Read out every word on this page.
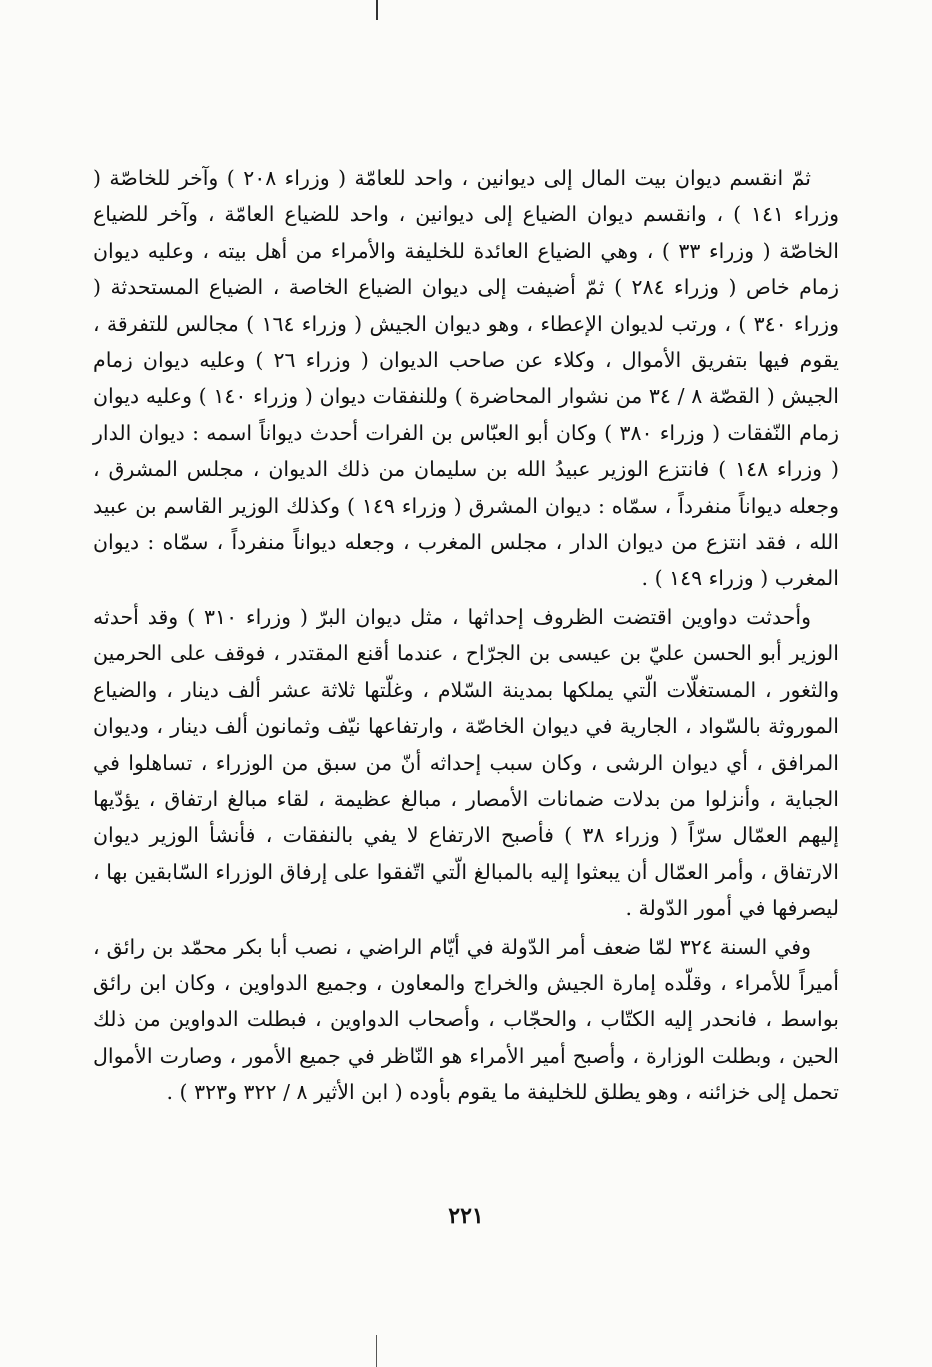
ثمّ انقسم ديوان بيت المال إلى ديوانين ، واحد للعامّة ( وزراء ٢٠٨ ) وآخر للخاصّة ( وزراء ١٤١ ) ، وانقسم ديوان الضياع إلى ديوانين ، واحد للضياع العامّة ، وآخر للضياع الخاصّة ( وزراء ٣٣ ) ، وهي الضياع العائدة للخليفة والأمراء من أهل بيته ، وعليه ديوان زمام خاص ( وزراء ٢٨٤ ) ثمّ أضيفت إلى ديوان الضياع الخاصة ، الضياع المستحدثة ( وزراء ٣٤٠ ) ، ورتب لديوان الإعطاء ، وهو ديوان الجيش ( وزراء ١٦٤ ) مجالس للتفرقة ، يقوم فيها بتفريق الأموال ، وكلاء عن صاحب الديوان ( وزراء ٢٦ ) وعليه ديوان زمام الجيش ( القصّة ٨ / ٣٤ من نشوار المحاضرة ) وللنفقات ديوان ( وزراء ١٤٠ ) وعليه ديوان زمام النّفقات ( وزراء ٣٨٠ ) وكان أبو العبّاس بن الفرات أحدث ديواناً اسمه : ديوان الدار ( وزراء ١٤٨ ) فانتزع الوزير عبيدُ الله بن سليمان من ذلك الديوان ، مجلس المشرق ، وجعله ديواناً منفرداً ، سمّاه : ديوان المشرق ( وزراء ١٤٩ ) وكذلك الوزير القاسم بن عبيد الله ، فقد انتزع من ديوان الدار ، مجلس المغرب ، وجعله ديواناً منفرداً ، سمّاه : ديوان المغرب ( وزراء ١٤٩ ) .

وأحدثت دواوين اقتضت الظروف إحداثها ، مثل ديوان البرّ ( وزراء ٣١٠ ) وقد أحدثه الوزير أبو الحسن عليّ بن عيسى بن الجرّاح ، عندما أقنع المقتدر ، فوقف على الحرمين والثغور ، المستغلّات الّتي يملكها بمدينة السّلام ، وغلّتها ثلاثة عشر ألف دينار ، والضياع الموروثة بالسّواد ، الجارية في ديوان الخاصّة ، وارتفاعها نيّف وثمانون ألف دينار ، وديوان المرافق ، أي ديوان الرشى ، وكان سبب إحداثه أنّ من سبق من الوزراء ، تساهلوا في الجباية ، وأنزلوا من بدلات ضمانات الأمصار ، مبالغ عظيمة ، لقاء مبالغ ارتفاق ، يؤدّيها إليهم العمّال سرّاً ( وزراء ٣٨ ) فأصبح الارتفاع لا يفي بالنفقات ، فأنشأ الوزير ديوان الارتفاق ، وأمر العمّال أن يبعثوا إليه بالمبالغ الّتي اتّفقوا على إرفاق الوزراء السّابقين بها ، ليصرفها في أمور الدّولة .

وفي السنة ٣٢٤ لمّا ضعف أمر الدّولة في أيّام الراضي ، نصب أبا بكر محمّد بن رائق ، أميراً للأمراء ، وقلّده إمارة الجيش والخراج والمعاون ، وجميع الدواوين ، وكان ابن رائق بواسط ، فانحدر إليه الكتّاب ، والحجّاب ، وأصحاب الدواوين ، فبطلت الدواوين من ذلك الحين ، وبطلت الوزارة ، وأصبح أمير الأمراء هو النّاظر في جميع الأمور ، وصارت الأموال تحمل إلى خزائنه ، وهو يطلق للخليفة ما يقوم بأوده ( ابن الأثير ٨ / ٣٢٢ و٣٢٣ ) .

٢٢١
